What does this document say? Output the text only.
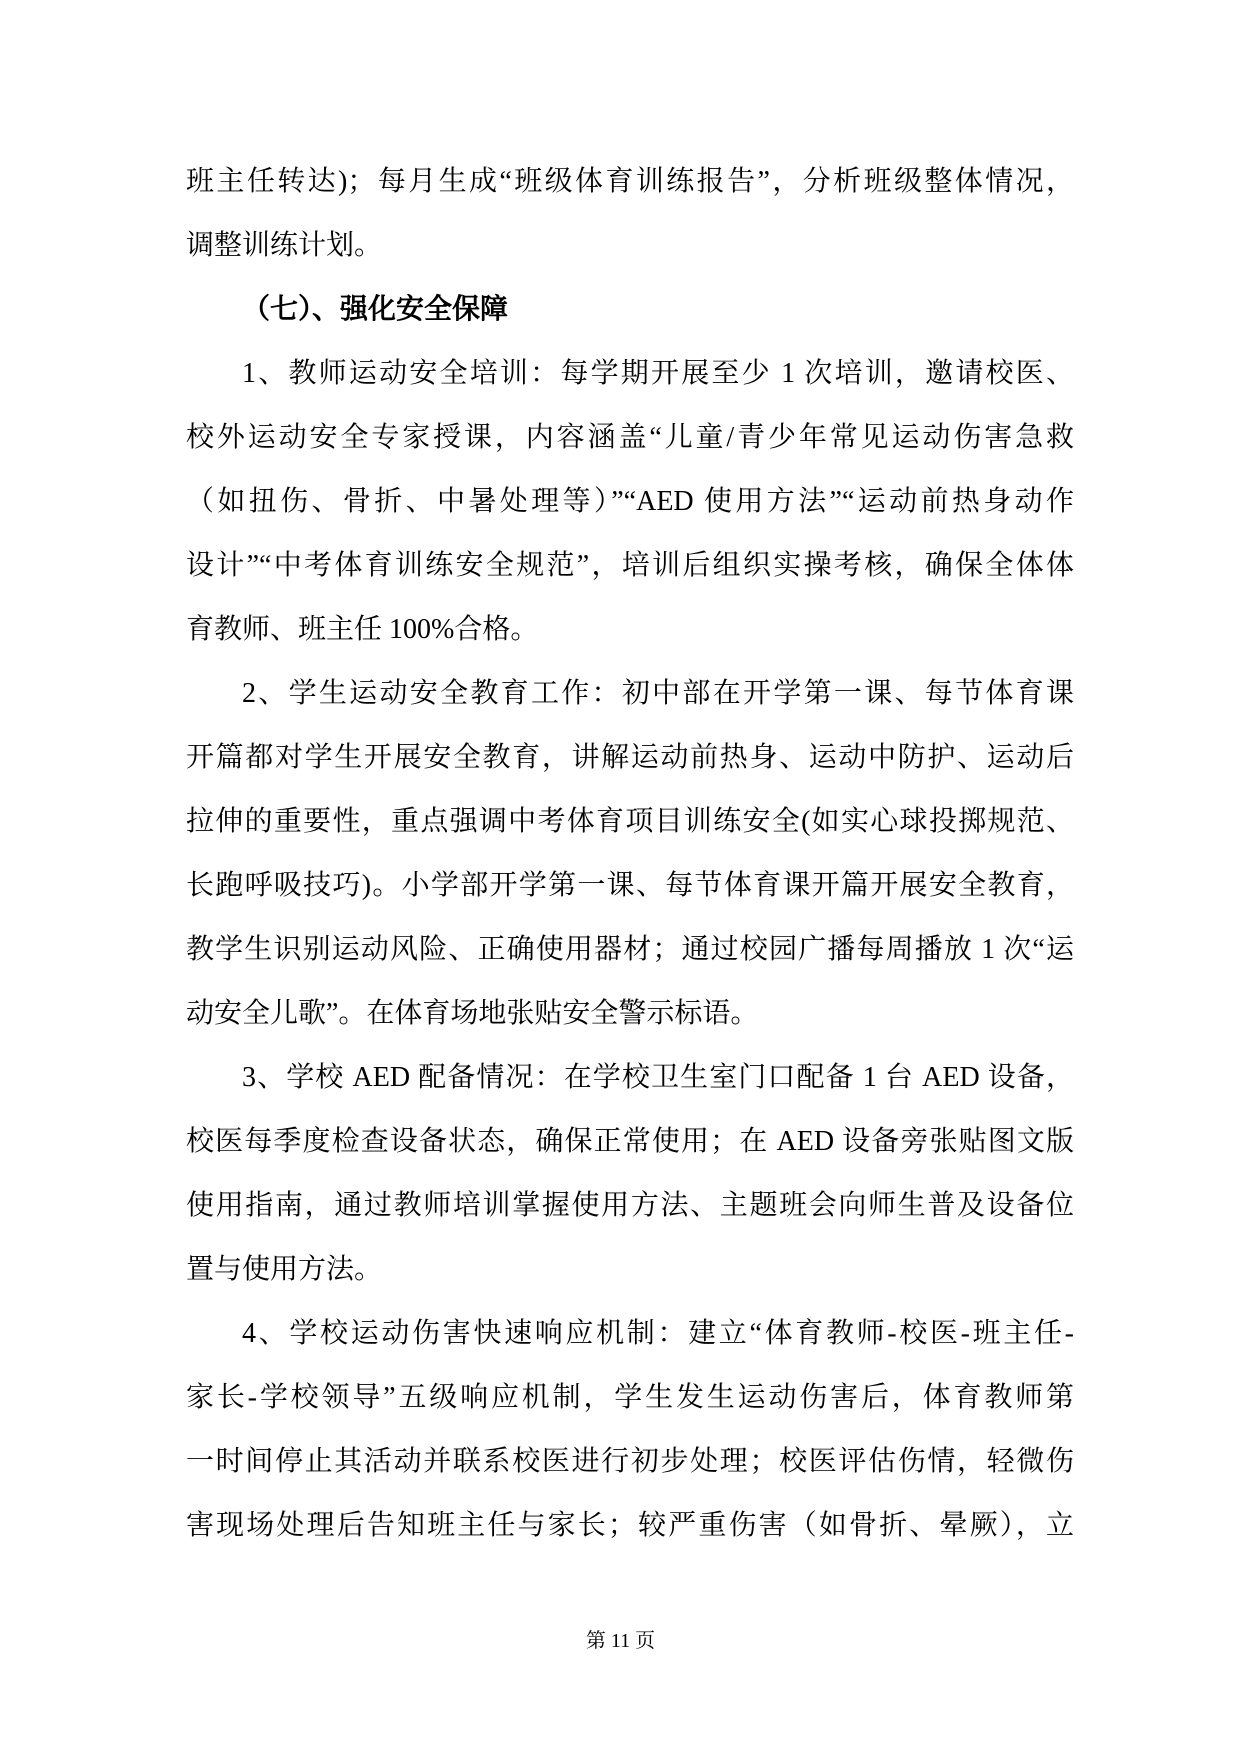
班主任转达)；每月生成“班级体育训练报告”，分析班级整体情况，
调整训练计划。
（七）、强化安全保障
1、教师运动安全培训：每学期开展至少 1 次培训，邀请校医、
校外运动安全专家授课，内容涵盖“儿童/青少年常见运动伤害急救
（如扭伤、骨折、中暑处理等）”“AED 使用方法”“运动前热身动作
设计”“中考体育训练安全规范”，培训后组织实操考核，确保全体体
育教师、班主任 100%合格。
2、学生运动安全教育工作：初中部在开学第一课、每节体育课
开篇都对学生开展安全教育，讲解运动前热身、运动中防护、运动后
拉伸的重要性，重点强调中考体育项目训练安全(如实心球投掷规范、
长跑呼吸技巧)。小学部开学第一课、每节体育课开篇开展安全教育，
教学生识别运动风险、正确使用器材；通过校园广播每周播放 1 次“运
动安全儿歌”。在体育场地张贴安全警示标语。
3、学校 AED 配备情况：在学校卫生室门口配备 1 台 AED 设备，
校医每季度检查设备状态，确保正常使用；在 AED 设备旁张贴图文版
使用指南，通过教师培训掌握使用方法、主题班会向师生普及设备位
置与使用方法。
4、学校运动伤害快速响应机制：建立“体育教师-校医-班主任-
家长-学校领导”五级响应机制，学生发生运动伤害后，体育教师第
一时间停止其活动并联系校医进行初步处理；校医评估伤情，轻微伤
害现场处理后告知班主任与家长；较严重伤害（如骨折、晕厥），立
第 11 页
